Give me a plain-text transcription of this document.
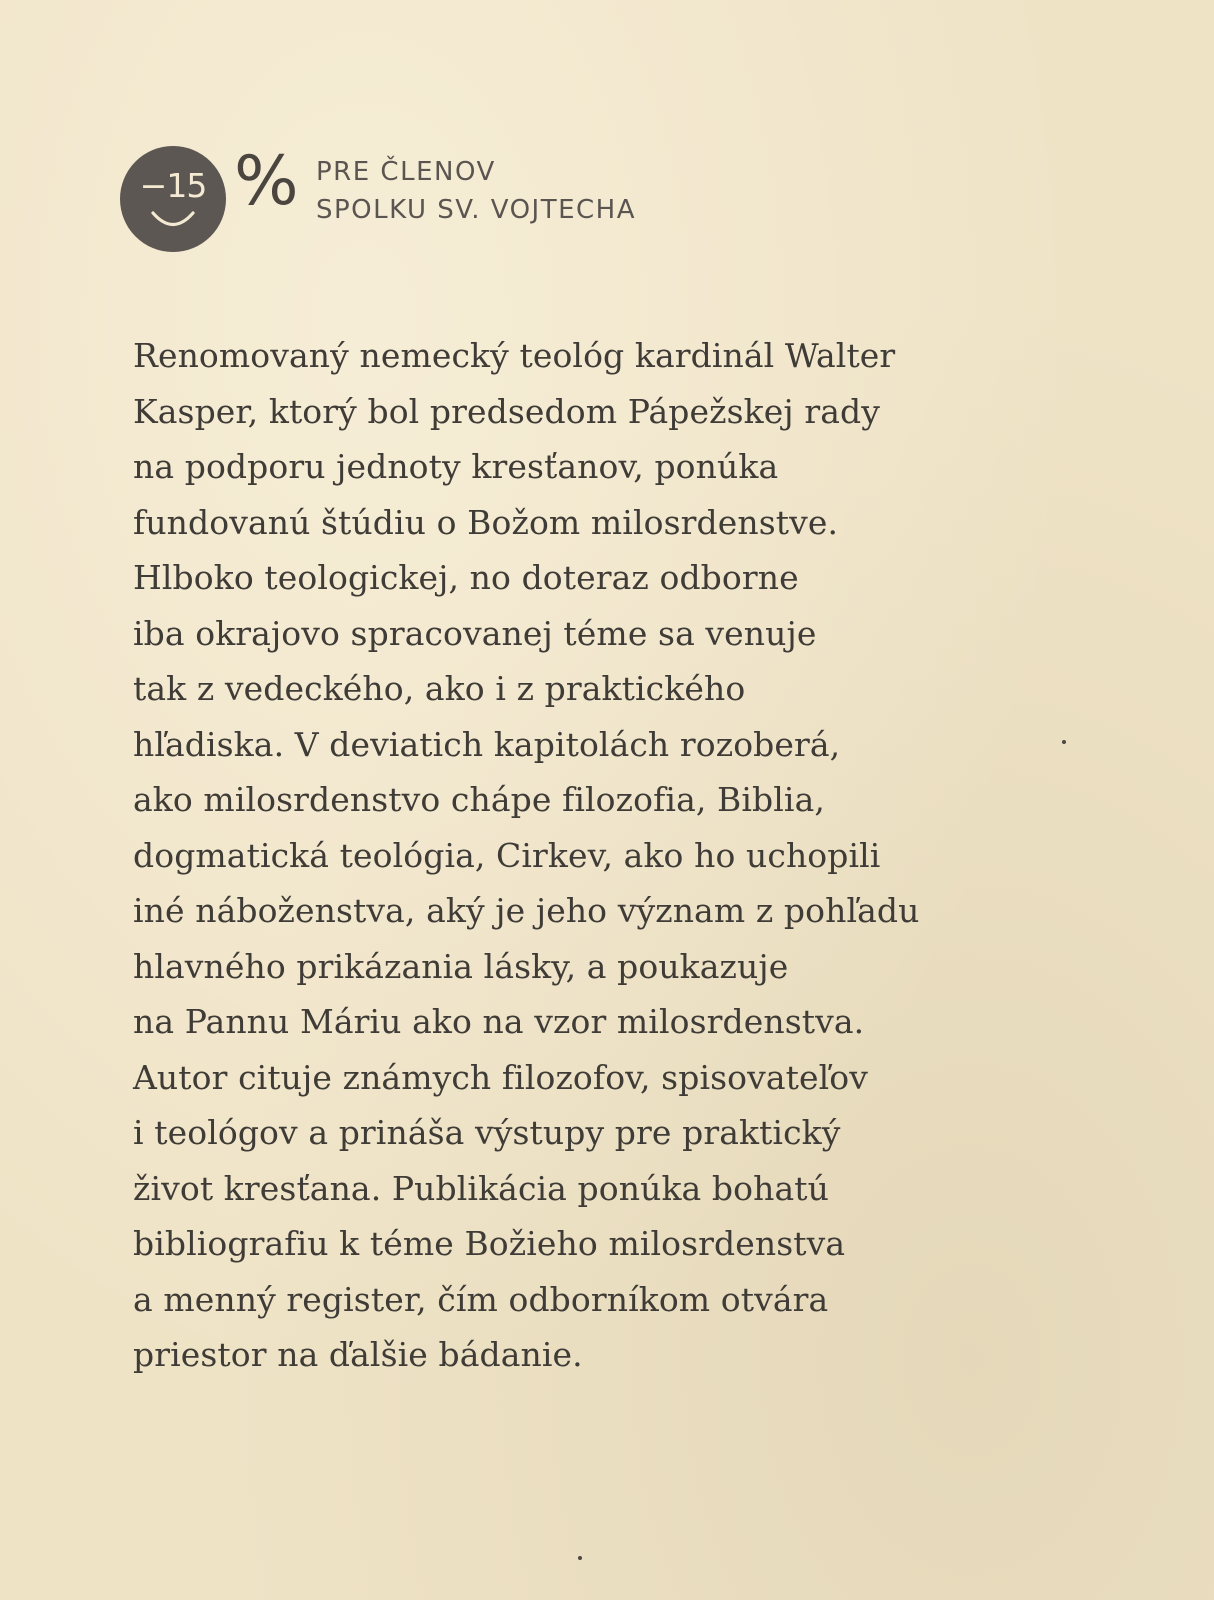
−15 % PRE ČLENOV
SPOLKU SV. VOJTECHA
Renomovaný nemecký teológ kardinál Walter
Kasper, ktorý bol predsedom Pápežskej rady
na podporu jednoty kresťanov, ponúka
fundovanú štúdiu o Božom milosrdenstve.
Hlboko teologickej, no doteraz odborne
iba okrajovo spracovanej téme sa venuje
tak z vedeckého, ako i z praktického
hľadiska. V deviatich kapitolách rozoberá,
ako milosrdenstvo chápe filozofia, Biblia,
dogmatická teológia, Cirkev, ako ho uchopili
iné náboženstva, aký je jeho význam z pohľadu
hlavného prikázania lásky, a poukazuje
na Pannu Máriu ako na vzor milosrdenstva.
Autor cituje známych filozofov, spisovateľov
i teológov a prináša výstupy pre praktický
život kresťana. Publikácia ponúka bohatú
bibliografiu k téme Božieho milosrdenstva
a menný register, čím odborníkom otvára
priestor na ďalšie bádanie.
